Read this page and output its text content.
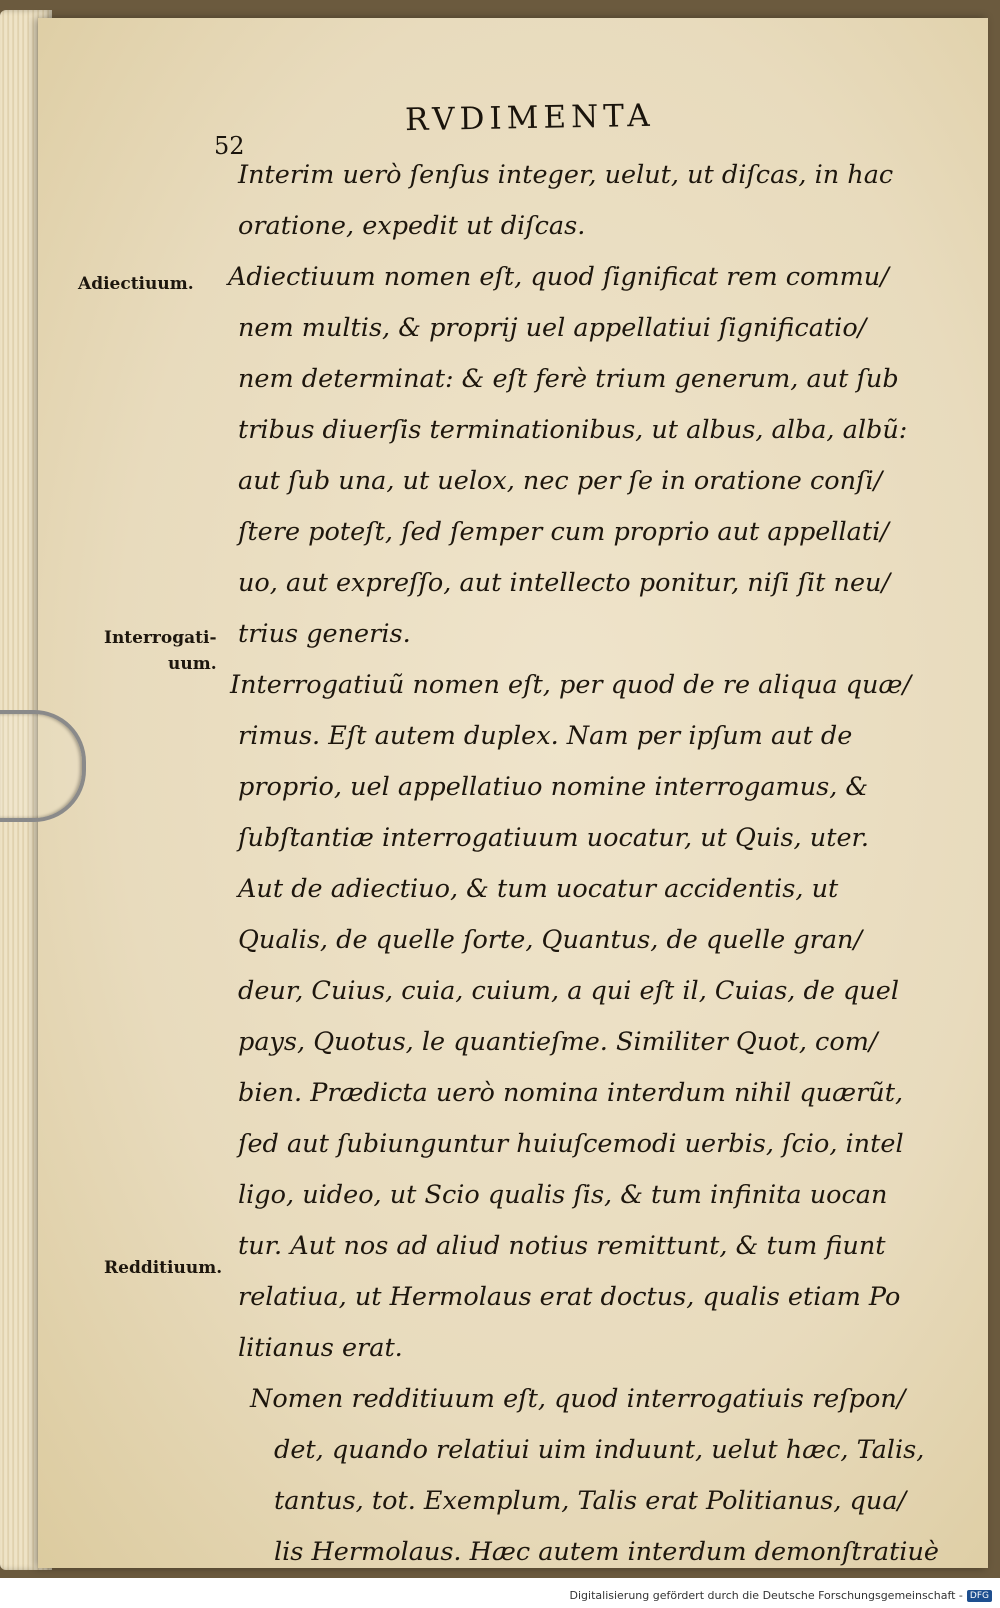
RVDIMENTA
52
Adiectiuum.
Interrogati-
uum.
Redditiuum.
Interim uerò ſenſus integer, uelut, ut diſcas, in hac
oratione, expedit ut diſcas.
Adiectiuum nomen eſt, quod ſignificat rem commu/
nem multis, & proprij uel appellatiui ſignificatio/
nem determinat: & eſt ferè trium generum, aut ſub
tribus diuerſis terminationibus, ut albus, alba, albũ:
aut ſub una, ut uelox, nec per ſe in oratione conſi/
ſtere poteſt, ſed ſemper cum proprio aut appellati/
uo, aut expreſſo, aut intellecto ponitur, niſi ſit neu/
trius generis.
Interrogatiuũ nomen eſt, per quod de re aliqua quæ/
rimus. Eſt autem duplex. Nam per ipſum aut de
proprio, uel appellatiuo nomine interrogamus, &
ſubſtantiæ interrogatiuum uocatur, ut Quis, uter.
Aut de adiectiuo, & tum uocatur accidentis, ut
Qualis, de quelle ſorte, Quantus, de quelle gran/
deur, Cuius, cuia, cuium, a qui eſt il, Cuias, de quel
pays, Quotus, le quantieſme. Similiter Quot, com/
bien. Prædicta uerò nomina interdum nihil quærũt,
ſed aut ſubiunguntur huiuſcemodi uerbis, ſcio, intel
ligo, uideo, ut Scio qualis ſis, & tum infinita uocan
tur. Aut nos ad aliud notius remittunt, & tum fiunt
relatiua, ut Hermolaus erat doctus, qualis etiam Po
litianus erat.
Nomen redditiuum eſt, quod interrogatiuis reſpon/
det, quando relatiui uim induunt, uelut hæc, Talis,
tantus, tot. Exemplum, Talis erat Politianus, qua/
lis Hermolaus. Hæc autem interdum demonſtratiuè
Digitalisierung gefördert durch die Deutsche Forschungsgemeinschaft - DFG
